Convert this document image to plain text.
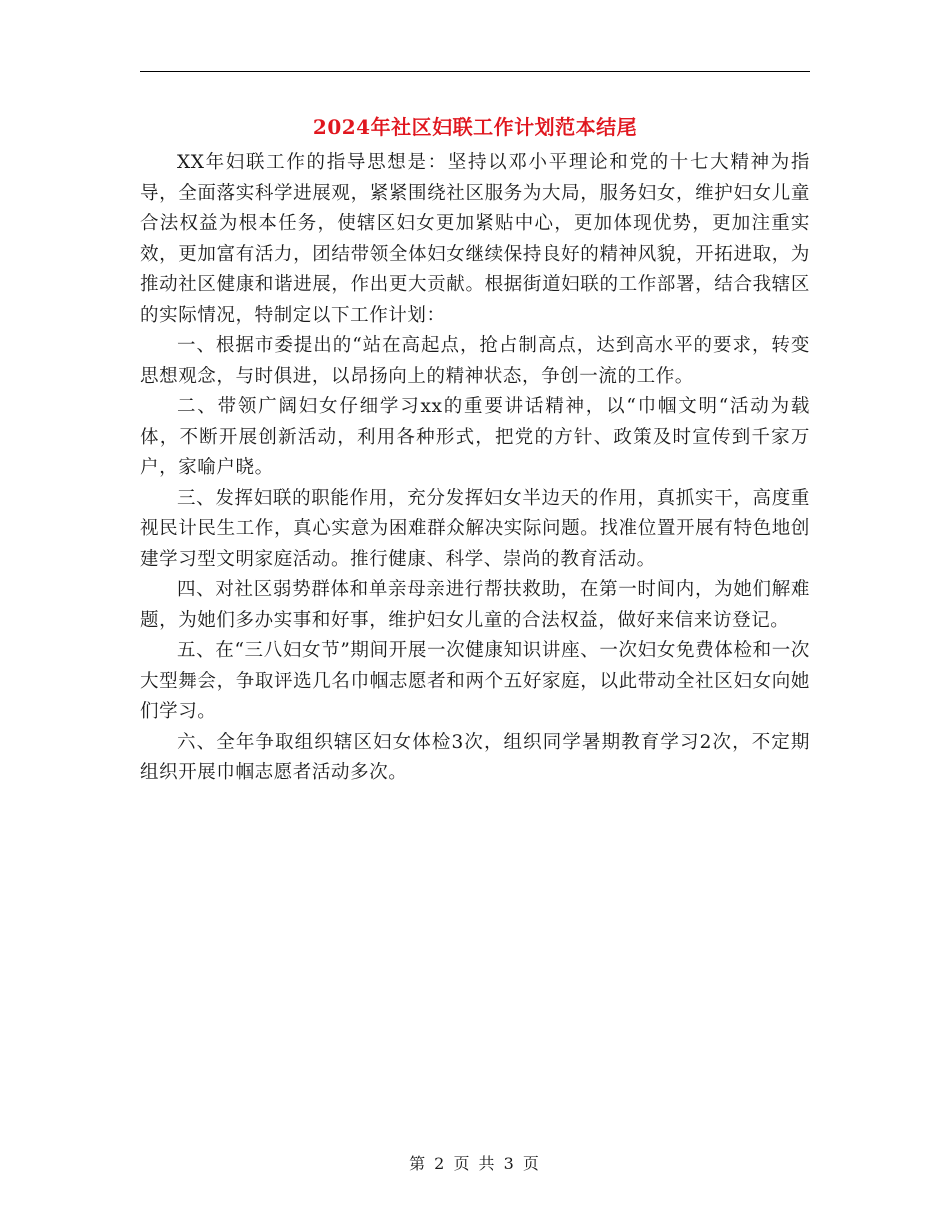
2024年社区妇联工作计划范本结尾

XX年妇联工作的指导思想是：坚持以邓小平理论和党的十七大精神为指导，全面落实科学进展观，紧紧围绕社区服务为大局，服务妇女，维护妇女儿童合法权益为根本任务，使辖区妇女更加紧贴中心，更加体现优势，更加注重实效，更加富有活力，团结带领全体妇女继续保持良好的精神风貌，开拓进取，为推动社区健康和谐进展，作出更大贡献。根据街道妇联的工作部署，结合我辖区的实际情况，特制定以下工作计划：

一、根据市委提出的“站在高起点，抢占制高点，达到高水平的要求，转变思想观念，与时俱进，以昂扬向上的精神状态，争创一流的工作。

二、带领广阔妇女仔细学习xx的重要讲话精神，以“巾帼文明“活动为载体，不断开展创新活动，利用各种形式，把党的方针、政策及时宣传到千家万户，家喻户晓。

三、发挥妇联的职能作用，充分发挥妇女半边天的作用，真抓实干，高度重视民计民生工作，真心实意为困难群众解决实际问题。找准位置开展有特色地创建学习型文明家庭活动。推行健康、科学、崇尚的教育活动。

四、对社区弱势群体和单亲母亲进行帮扶救助，在第一时间内，为她们解难题，为她们多办实事和好事，维护妇女儿童的合法权益，做好来信来访登记。

五、在“三八妇女节”期间开展一次健康知识讲座、一次妇女免费体检和一次大型舞会，争取评选几名巾帼志愿者和两个五好家庭，以此带动全社区妇女向她们学习。

六、全年争取组织辖区妇女体检3次，组织同学暑期教育学习2次，不定期组织开展巾帼志愿者活动多次。

第 2 页 共 3 页
